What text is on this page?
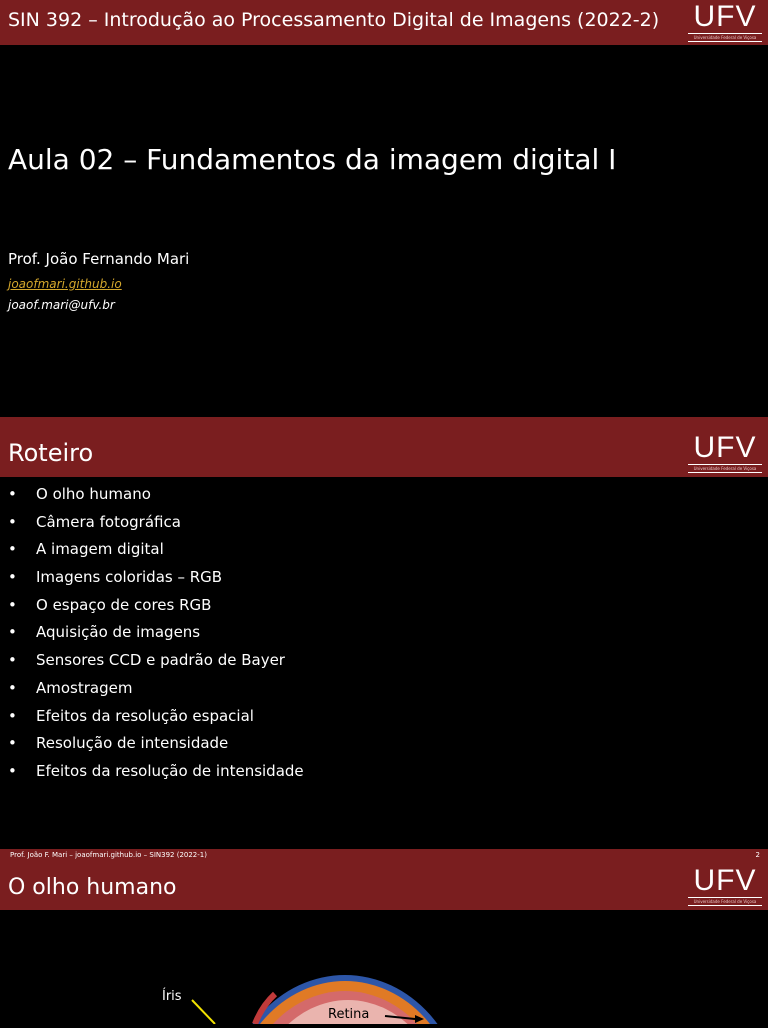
SIN 392 – Introdução ao Processamento Digital de Imagens (2022-2) UFV
Universidade Federal de Viçosa
Aula 02 – Fundamentos da imagem digital I
Prof. João Fernando Mari
joaofmari.github.io
joaof.mari@ufv.br
Roteiro	UFV
Universidade Federal de Viçosa
•	O olho humano
•	Câmera fotográfica
•	A imagem digital
•	Imagens coloridas – RGB
•	O espaço de cores RGB
•	Aquisição de imagens
•	Sensores CCD e padrão de Bayer
•	Amostragem
•	Efeitos da resolução espacial
•	Resolução de intensidade
•	Efeitos da resolução de intensidade
Prof. João F. Mari – joaofmari.github.io – SIN392 (2022-1)	2
O olho humano	UFV
Universidade Federal de Viçosa
Íris
Retina
